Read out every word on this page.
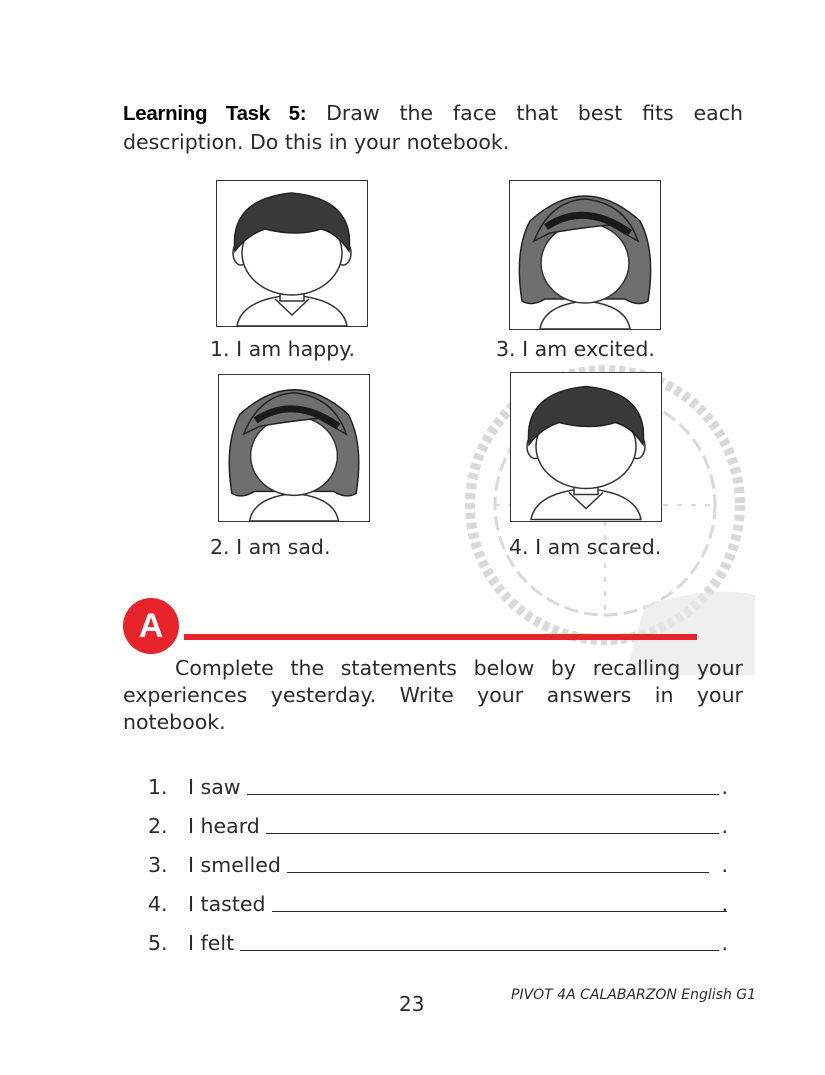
Learning Task 5: Draw the face that best fits each description. Do this in your notebook.
1. I am happy.	3. I am excited.
2. I am sad.	4. I am scared.
A
Complete the statements below by recalling your experiences yesterday. Write your answers in your notebook.
1. I saw	.
2. I heard	.
3. I smelled	.
4. I tasted	.
5. I felt	.
23	PIVOT 4A CALABARZON English G1
